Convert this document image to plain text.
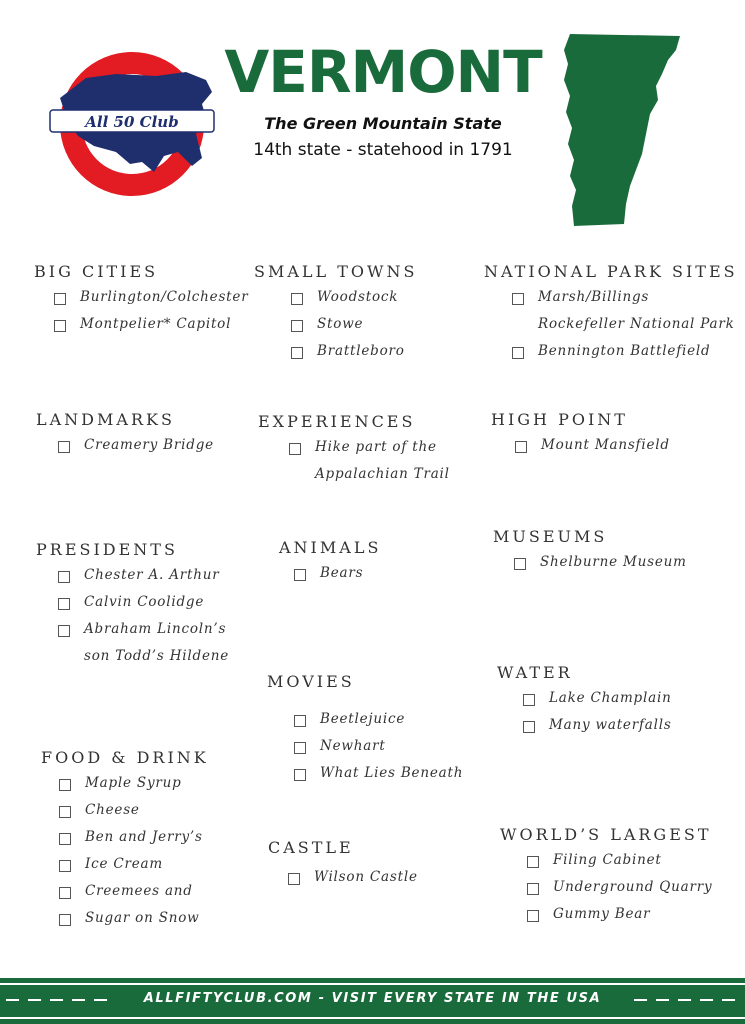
All 50 Club
VERMONT
The Green Mountain State
14th state - statehood in 1791
BIG CITIES
Burlington/Colchester
Montpelier* Capitol
LANDMARKS
Creamery Bridge
PRESIDENTS
Chester A. Arthur
Calvin Coolidge
Abraham Lincoln’s
son Todd’s Hildene
FOOD & DRINK
Maple Syrup
Cheese
Ben and Jerry’s
Ice Cream
Creemees and
Sugar on Snow
SMALL TOWNS
Woodstock
Stowe
Brattleboro
EXPERIENCES
Hike part of the
Appalachian Trail
ANIMALS
Bears
MOVIES
Beetlejuice
Newhart
What Lies Beneath
CASTLE
Wilson Castle
NATIONAL PARK SITES
Marsh/Billings
Rockefeller National Park
Bennington Battlefield
HIGH POINT
Mount Mansfield
MUSEUMS
Shelburne Museum
WATER
Lake Champlain
Many waterfalls
WORLD’S LARGEST
Filing Cabinet
Underground Quarry
Gummy Bear
ALLFIFTYCLUB.COM - VISIT EVERY STATE IN THE USA
